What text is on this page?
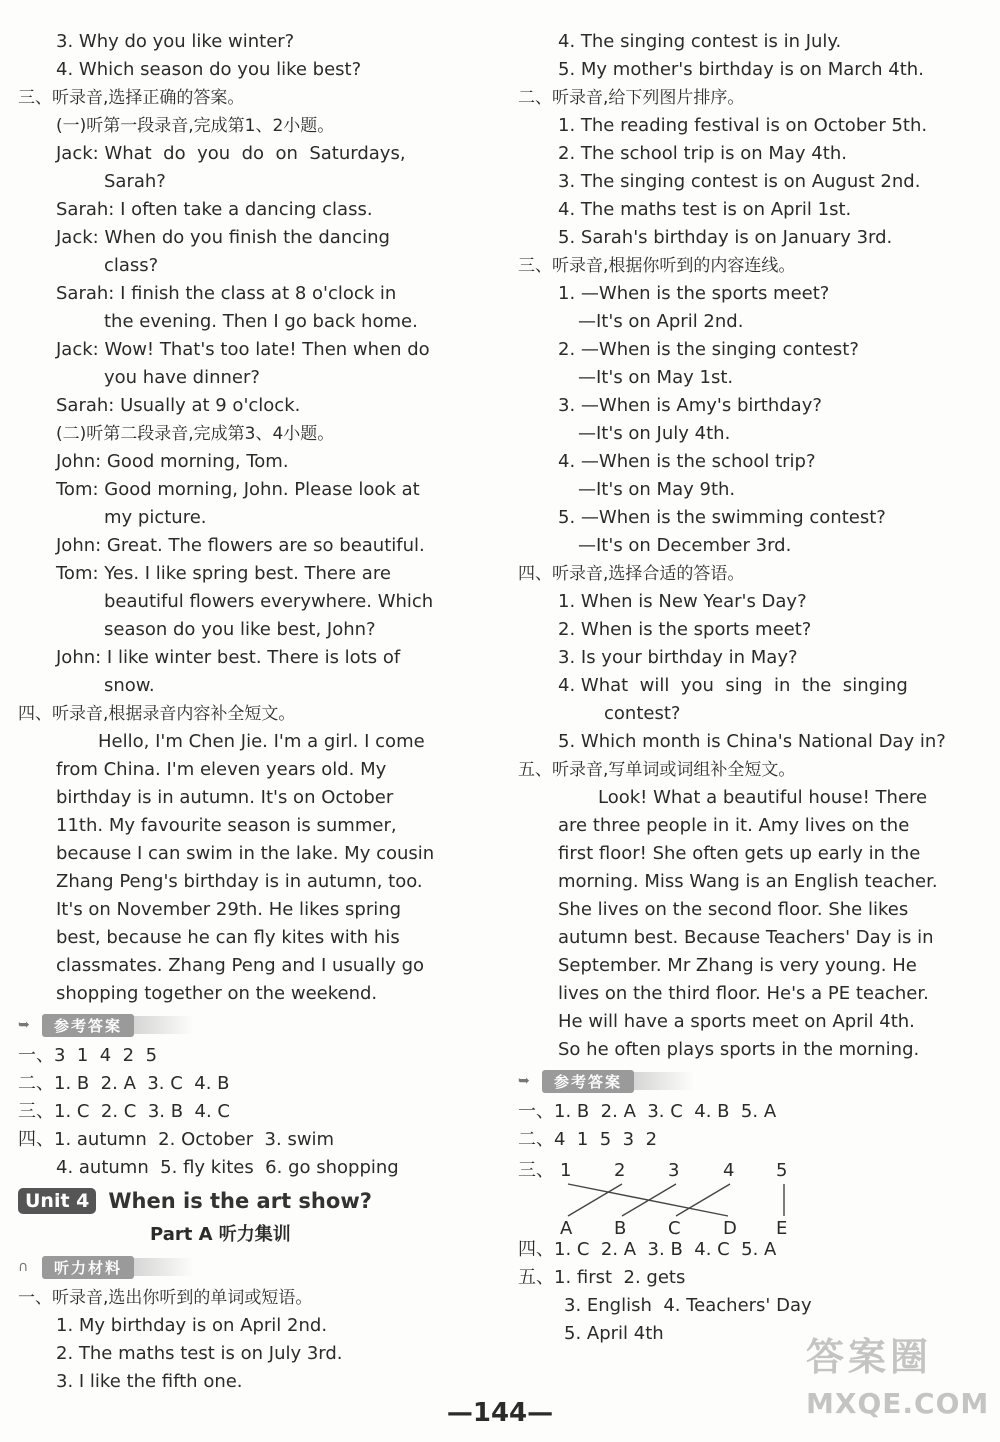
3. Why do you like winter?

4. Which season do you like best?

三、听录音,选择正确的答案。

(一)听第一段录音,完成第1、2小题。

Jack: What  do  you  do  on  Saturdays,

Sarah?

Sarah: I often take a dancing class.

Jack: When do you finish the dancing

class?

Sarah: I finish the class at 8 o'clock in

the evening. Then I go back home.

Jack: Wow! That's too late! Then when do

you have dinner?

Sarah: Usually at 9 o'clock.

(二)听第二段录音,完成第3、4小题。

John: Good morning, Tom.

Tom: Good morning, John. Please look at

my picture.

John: Great. The flowers are so beautiful.

Tom: Yes. I like spring best. There are

beautiful flowers everywhere. Which

season do you like best, John?

John: I like winter best. There is lots of

snow.

四、听录音,根据录音内容补全短文。

Hello, I'm Chen Jie. I'm a girl. I come

from China. I'm eleven years old. My

birthday is in autumn. It's on October

11th. My favourite season is summer,

because I can swim in the lake. My cousin

Zhang Peng's birthday is in autumn, too.

It's on November 29th. He likes spring

best, because he can fly kites with his

classmates. Zhang Peng and I usually go

shopping together on the weekend.

➥	参考答案

一、3  1  4  2  5

二、1. B  2. A  3. C  4. B

三、1. C  2. C  3. B  4. C

四、1. autumn  2. October  3. swim

4. autumn  5. fly kites  6. go shopping

Unit 4 When is the art show?

Part A 听力集训

∩	听力材料

一、听录音,选出你听到的单词或短语。

1. My birthday is on April 2nd.

2. The maths test is on July 3rd.

3. I like the fifth one.

4. The singing contest is in July.

5. My mother's birthday is on March 4th.

二、听录音,给下列图片排序。

1. The reading festival is on October 5th.

2. The school trip is on May 4th.

3. The singing contest is on August 2nd.

4. The maths test is on April 1st.

5. Sarah's birthday is on January 3rd.

三、听录音,根据你听到的内容连线。

1. —When is the sports meet?

—It's on April 2nd.

2. —When is the singing contest?

—It's on May 1st.

3. —When is Amy's birthday?

—It's on July 4th.

4. —When is the school trip?

—It's on May 9th.

5. —When is the swimming contest?

—It's on December 3rd.

四、听录音,选择合适的答语。

1. When is New Year's Day?

2. When is the sports meet?

3. Is your birthday in May?

4. What  will  you  sing  in  the  singing

contest?

5. Which month is China's National Day in?

五、听录音,写单词或词组补全短文。

Look! What a beautiful house! There

are three people in it. Amy lives on the

first floor! She often gets up early in the

morning. Miss Wang is an English teacher.

She lives on the second floor. She likes

autumn best. Because Teachers' Day is in

September. Mr Zhang is very young. He

lives on the third floor. He's a PE teacher.

He will have a sports meet on April 4th.

So he often plays sports in the morning.

➥	参考答案

一、1. B  2. A  3. C  4. B  5. A

二、4  1  5  3  2

三、 1 2 3 4 5
A B C D E

四、1. C  2. A  3. B  4. C  5. A

五、1. first  2. gets

3. English  4. Teachers' Day

5. April 4th

—144—
答案圈
MXQE.COM
